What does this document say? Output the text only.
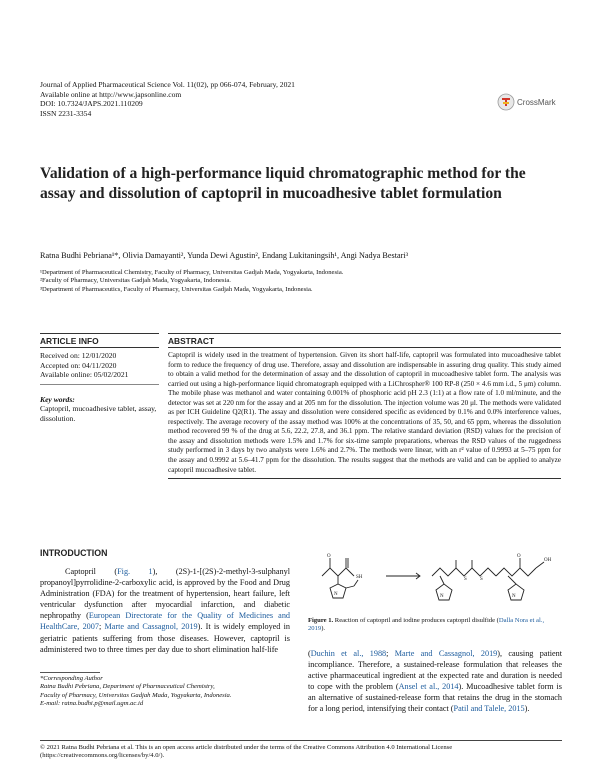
Journal of Applied Pharmaceutical Science Vol. 11(02), pp 066-074, February, 2021
Available online at http://www.japsonline.com
DOI: 10.7324/JAPS.2021.110209
ISSN 2231-3354
CrossMark
Validation of a high-performance liquid chromatographic method for the assay and dissolution of captopril in mucoadhesive tablet formulation
Ratna Budhi Pebriana¹*, Olivia Damayanti², Yunda Dewi Agustin², Endang Lukitaningsih¹, Angi Nadya Bestari³
¹Department of Pharmaceutical Chemistry, Faculty of Pharmacy, Universitas Gadjah Mada, Yogyakarta, Indonesia.
²Faculty of Pharmacy, Universitas Gadjah Mada, Yogyakarta, Indonesia.
³Department of Pharmaceutics, Faculty of Pharmacy, Universitas Gadjah Mada, Yogyakarta, Indonesia.
ARTICLE INFO
Received on: 12/01/2020
Accepted on: 04/11/2020
Available online: 05/02/2021
Key words:
Captopril, mucoadhesive tablet, assay, dissolution.
ABSTRACT

Captopril is widely used in the treatment of hypertension. Given its short half-life, captopril was formulated into mucoadhesive tablet form to reduce the frequency of drug use. Therefore, assay and dissolution are indispensable in assuring drug quality. This study aimed to obtain a valid method for the determination of assay and the dissolution of captopril in mucoadhesive tablet form. The analysis was carried out using a high-performance liquid chromatograph equipped with a LiChrospher® 100 RP-8 (250 × 4.6 mm i.d., 5 μm) column. The mobile phase was methanol and water containing 0.001% of phosphoric acid pH 2.3 (1:1) at a flow rate of 1.0 ml/minute, and the detector was set at 220 nm for the assay and at 205 nm for the dissolution. The injection volume was 20 μl. The methods were validated as per ICH Guideline Q2(R1). The assay and dissolution were considered specific as evidenced by 0.1% and 0.0% interference values, respectively. The average recovery of the assay method was 100% at the concentrations of 35, 50, and 65 ppm, whereas the dissolution method recovered 99 % of the drug at 5.6, 22.2, 27.8, and 36.1 ppm. The relative standard deviation (RSD) values for the precision of the assay and dissolution methods were 1.5% and 1.7% for six-time sample preparations, whereas the RSD values of the ruggedness study performed in 3 days by two analysts were 1.6% and 2.7%. The methods were linear, with an r² value of 0.9993 at 5–75 ppm for the assay and 0.9992 at 5.6–41.7 ppm for the dissolution. The results suggest that the methods are valid and can be applied to analyze captopril mucoadhesive tablet.

INTRODUCTION

Captopril (Fig. 1), (2S)-1-[(2S)-2-methyl-3-sulphanyl propanoyl]pyrrolidine-2-carboxylic acid, is approved by the Food and Drug Administration (FDA) for the treatment of hypertension, heart failure, left ventricular dysfunction after myocardial infarction, and diabetic nephropathy (European Directorate for the Quality of Medicines and HealthCare, 2007; Marte and Cassagnol, 2019). It is widely employed in geriatric patients suffering from those diseases. However, captopril is administered two to three times per day due to short elimination half-life

O
SH
N
S	S
N	N
O
OH
Figure 1. Reaction of captopril and iodine produces captopril disulfide (Dalla Nora et al., 2019).

(Duchin et al., 1988; Marte and Cassagnol, 2019), causing patient incompliance. Therefore, a sustained-release formulation that releases the active pharmaceutical ingredient at the expected rate and duration is needed to cope with the problem (Ansel et al., 2014). Mucoadhesive tablet form is an alternative of sustained-release form that retains the drug in the stomach for a long period, intensifying their contact (Patil and Talele, 2015).

*Corresponding Author
Ratna Budhi Pebriana, Department of Pharmaceutical Chemistry,
Faculty of Pharmacy, Universitas Gadjah Mada, Yogyakarta, Indonesia.
E-mail: ratna.budhi.p@mail.ugm.ac.id
© 2021 Ratna Budhi Pebriana et al. This is an open access article distributed under the terms of the Creative Commons Attribution 4.0 International License (https://creativecommons.org/licenses/by/4.0/).
